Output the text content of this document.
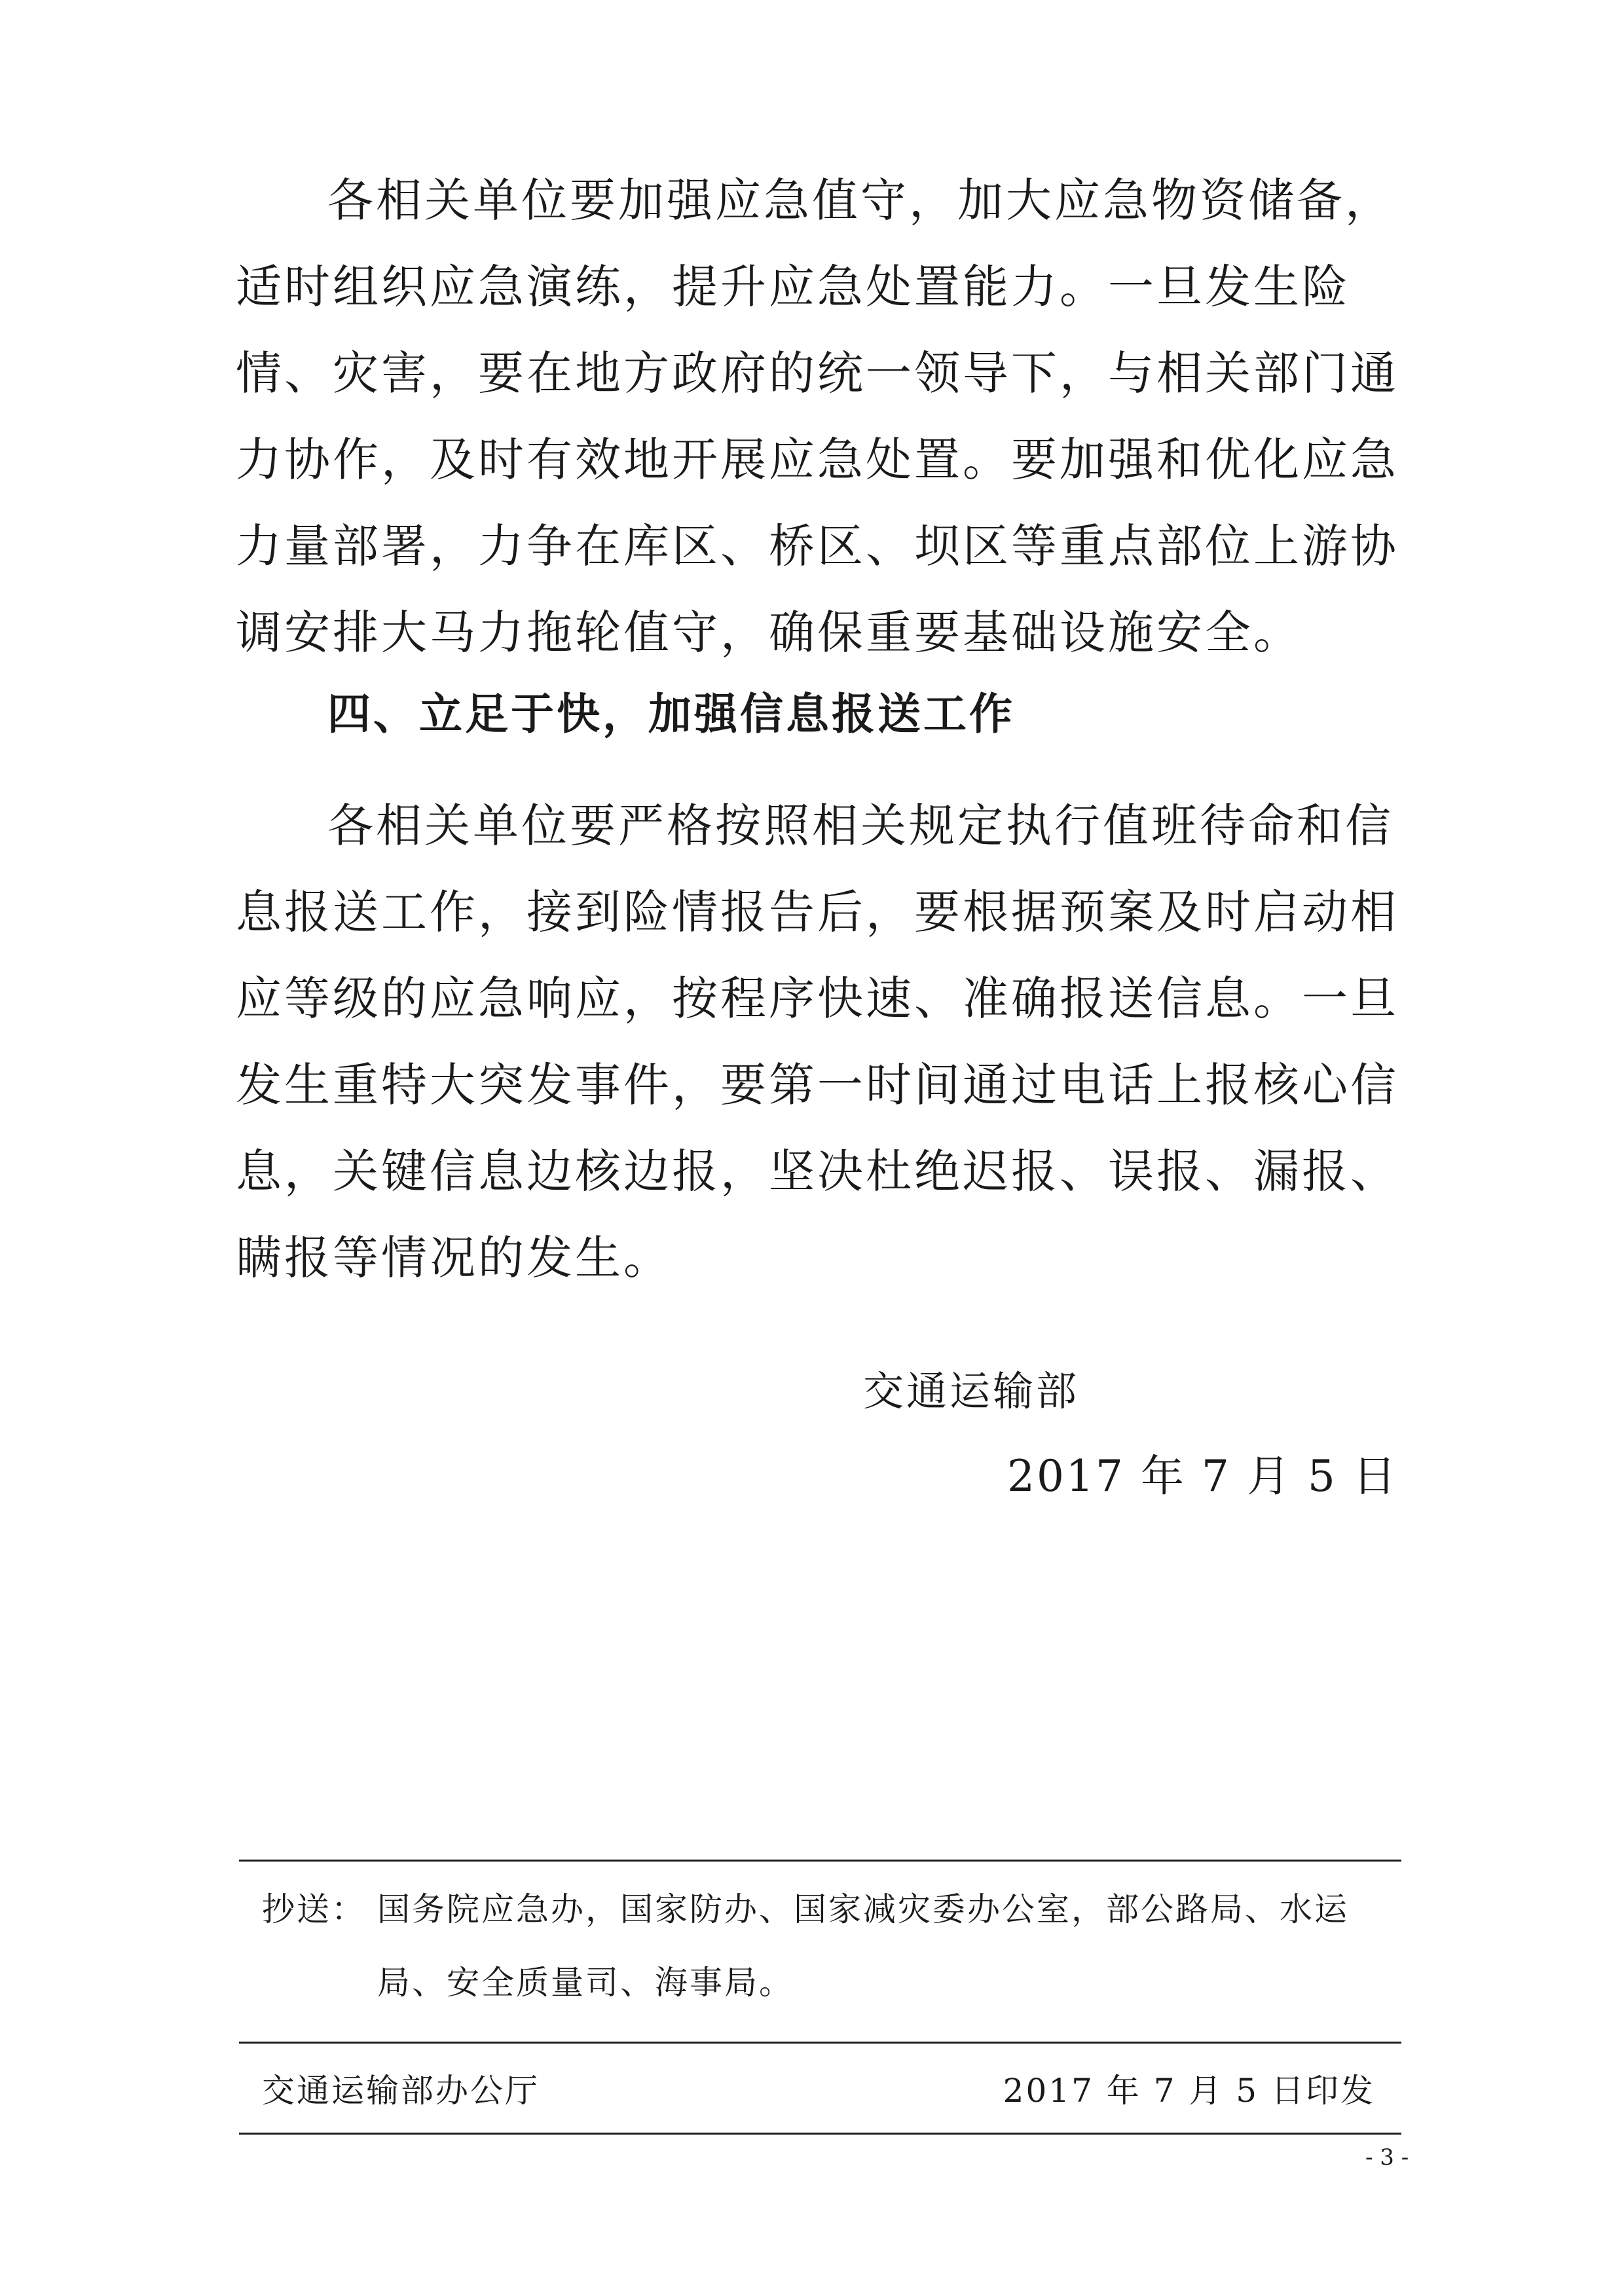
各相关单位要加强应急值守，加大应急物资储备，适时组织应急演练，提升应急处置能力。一旦发生险情、灾害，要在地方政府的统一领导下，与相关部门通力协作，及时有效地开展应急处置。要加强和优化应急力量部署，力争在库区、桥区、坝区等重点部位上游协调安排大马力拖轮值守，确保重要基础设施安全。

四、立足于快，加强信息报送工作

各相关单位要严格按照相关规定执行值班待命和信息报送工作，接到险情报告后，要根据预案及时启动相应等级的应急响应，按程序快速、准确报送信息。一旦发生重特大突发事件，要第一时间通过电话上报核心信息，关键信息边核边报，坚决杜绝迟报、误报、漏报、瞒报等情况的发生。

交通运输部
2017 年 7 月 5 日
抄送： 国务院应急办，国家防办、国家减灾委办公室，部公路局、水运局、安全质量司、海事局。
交通运输部办公厅	2017 年 7 月 5 日印发
- 3 -
